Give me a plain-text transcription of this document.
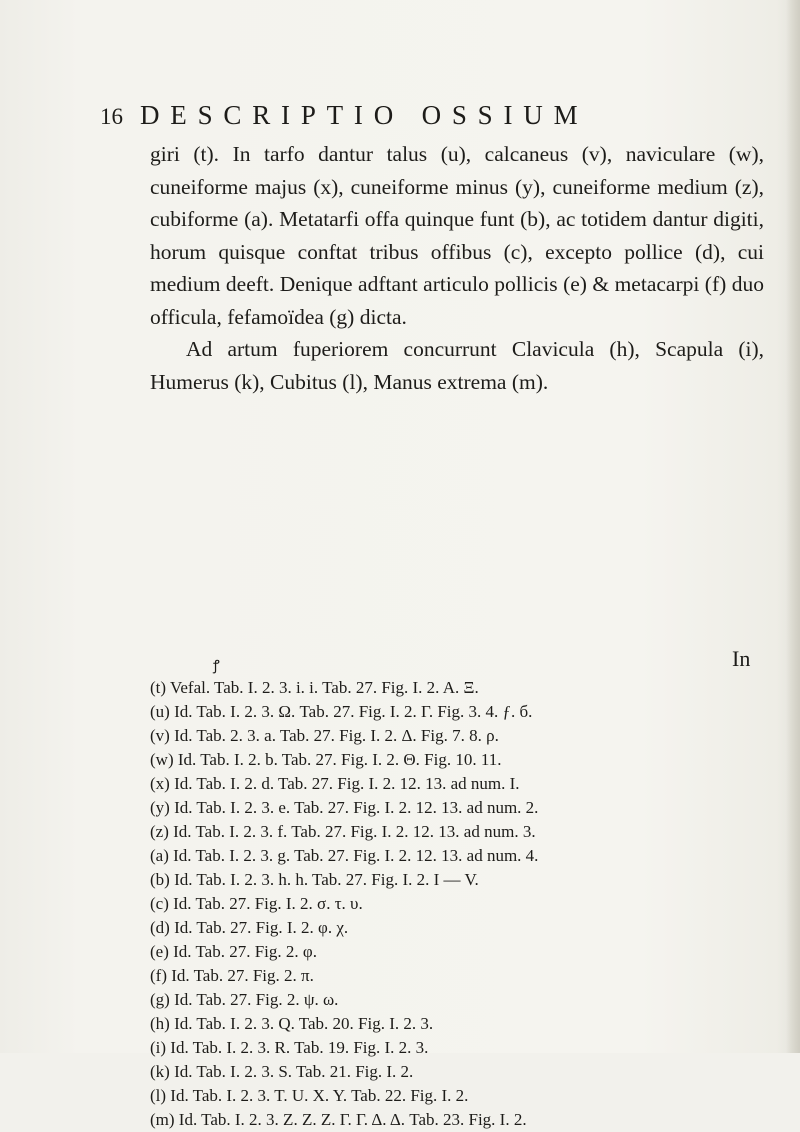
16 DESCRIPTIO OSSIUM

giri (t). In tarfo dantur talus (u), calcaneus (v), naviculare (w), cuneiforme majus (x), cuneiforme minus (y), cuneiforme medium (z), cubiforme (a). Metatarfi offa quinque funt (b), ac totidem dantur digiti, horum quisque conftat tribus offibus (c), excepto pollice (d), cui medium deeft. Denique adftant articulo pollicis (e) & metacarpi (f) duo officula, fefamoïdea (g) dicta.

Ad artum fuperiorem concurrunt Clavicula (h), Scapula (i), Humerus (k), Cubitus (l), Manus extrema (m).

ꝭ	In
(t) Vefal. Tab. I. 2. 3. i. i. Tab. 27. Fig. I. 2. A. Ξ.
(u) Id. Tab. I. 2. 3. Ω. Tab. 27. Fig. I. 2. Γ. Fig. 3. 4. ƒ. б.
(v) Id. Tab. 2. 3. a. Tab. 27. Fig. I. 2. Δ. Fig. 7. 8. ρ.
(w) Id. Tab. I. 2. b. Tab. 27. Fig. I. 2. Θ. Fig. 10. 11.
(x) Id. Tab. I. 2. d. Tab. 27. Fig. I. 2. 12. 13. ad num. I.
(y) Id. Tab. I. 2. 3. e. Tab. 27. Fig. I. 2. 12. 13. ad num. 2.
(z) Id. Tab. I. 2. 3. f. Tab. 27. Fig. I. 2. 12. 13. ad num. 3.
(a) Id. Tab. I. 2. 3. g. Tab. 27. Fig. I. 2. 12. 13. ad num. 4.
(b) Id. Tab. I. 2. 3. h. h. Tab. 27. Fig. I. 2. I — V.
(c) Id. Tab. 27. Fig. I. 2. σ. τ. υ.
(d) Id. Tab. 27. Fig. I. 2. φ. χ.
(e) Id. Tab. 27. Fig. 2. φ.
(f) Id. Tab. 27. Fig. 2. π.
(g) Id. Tab. 27. Fig. 2. ψ. ω.
(h) Id. Tab. I. 2. 3. Q. Tab. 20. Fig. I. 2. 3.
(i) Id. Tab. I. 2. 3. R. Tab. 19. Fig. I. 2. 3.
(k) Id. Tab. I. 2. 3. S. Tab. 21. Fig. I. 2.
(l) Id. Tab. I. 2. 3. T. U. X. Y. Tab. 22. Fig. I. 2.
(m) Id. Tab. I. 2. 3. Z. Z. Z. Γ. Γ. Δ. Δ. Tab. 23. Fig. I. 2.
